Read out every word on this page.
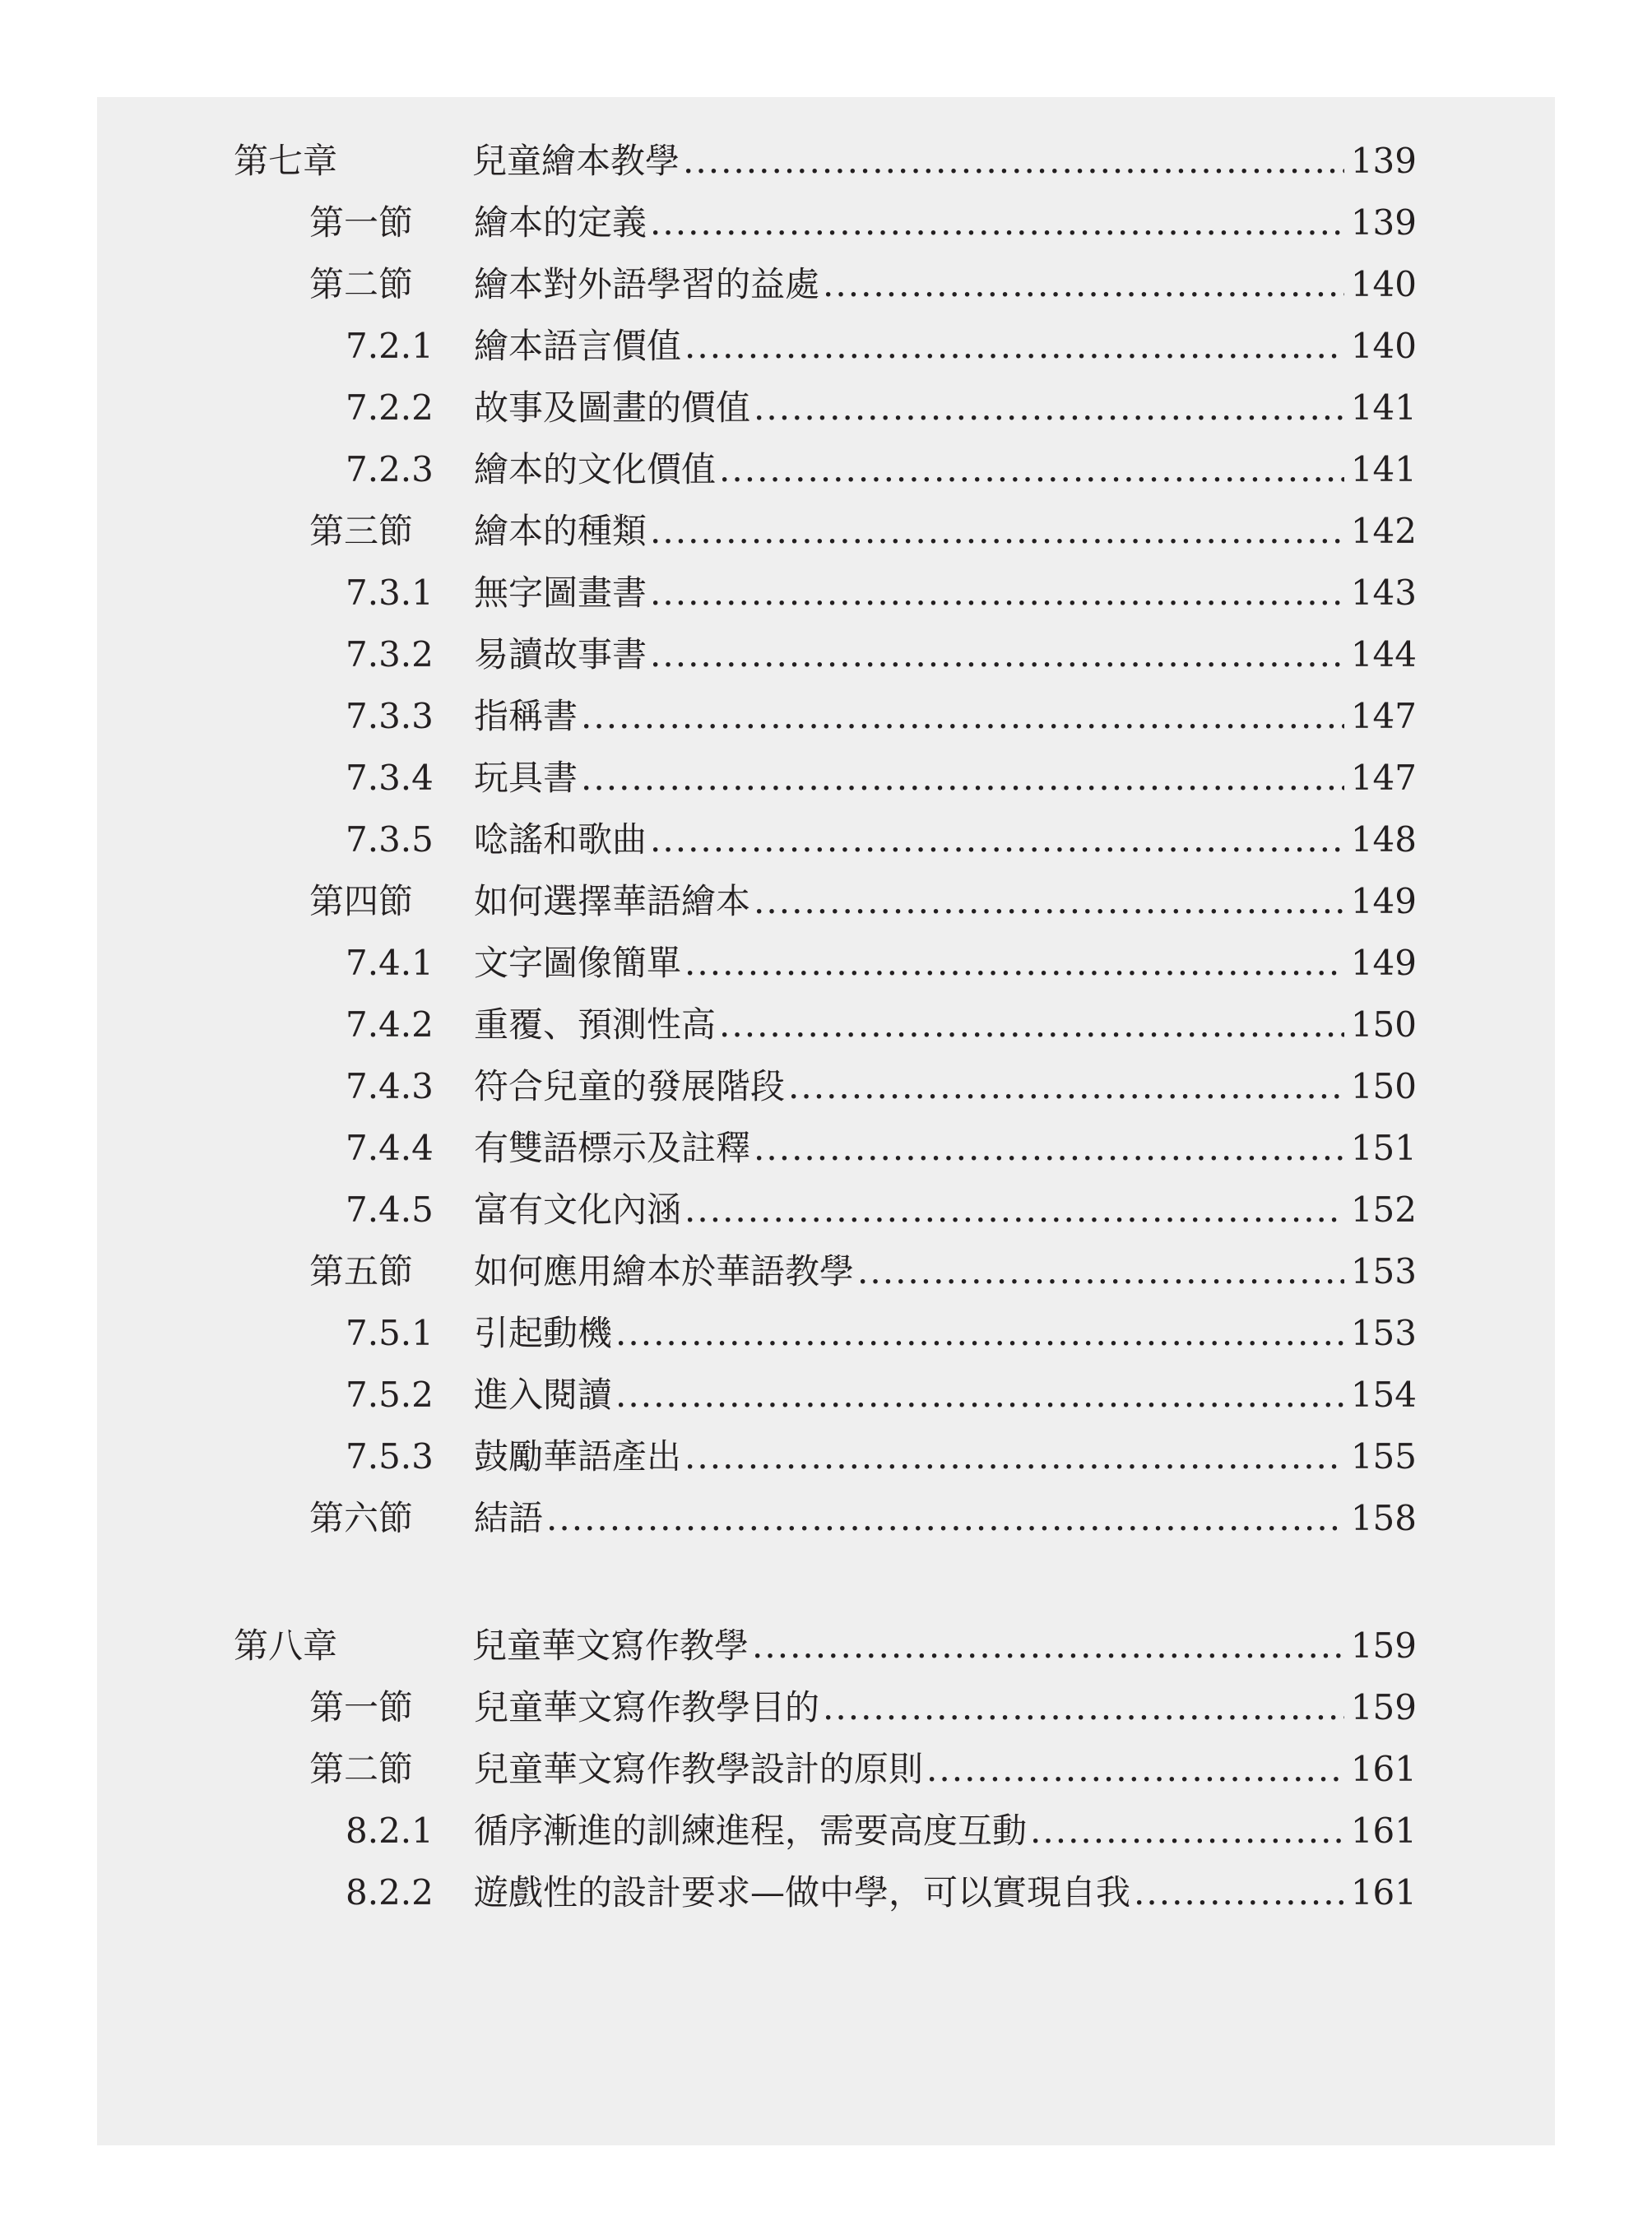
第七章	兒童繪本教學 .....	139
第一節	繪本的定義 .....	139
第二節	繪本對外語學習的益處 .....	140
7.2.1	繪本語言價值 .....	140
7.2.2	故事及圖畫的價值 .....	141
7.2.3	繪本的文化價值 .....	141
第三節	繪本的種類 .....	142
7.3.1	無字圖畫書 .....	143
7.3.2	易讀故事書 .....	144
7.3.3	指稱書 .....	147
7.3.4	玩具書 .....	147
7.3.5	唸謠和歌曲 .....	148
第四節	如何選擇華語繪本 .....	149
7.4.1	文字圖像簡單 .....	149
7.4.2	重覆、預測性高 .....	150
7.4.3	符合兒童的發展階段 .....	150
7.4.4	有雙語標示及註釋 .....	151
7.4.5	富有文化內涵 .....	152
第五節	如何應用繪本於華語教學 .....	153
7.5.1	引起動機 .....	153
7.5.2	進入閱讀 .....	154
7.5.3	鼓勵華語產出 .....	155
第六節	結語 .....	158
第八章	兒童華文寫作教學 .....	159
第一節	兒童華文寫作教學目的 .....	159
第二節	兒童華文寫作教學設計的原則 .....	161
8.2.1	循序漸進的訓練進程，需要高度互動 .....	161
8.2.2	遊戲性的設計要求—做中學，可以實現自我 .....	161
